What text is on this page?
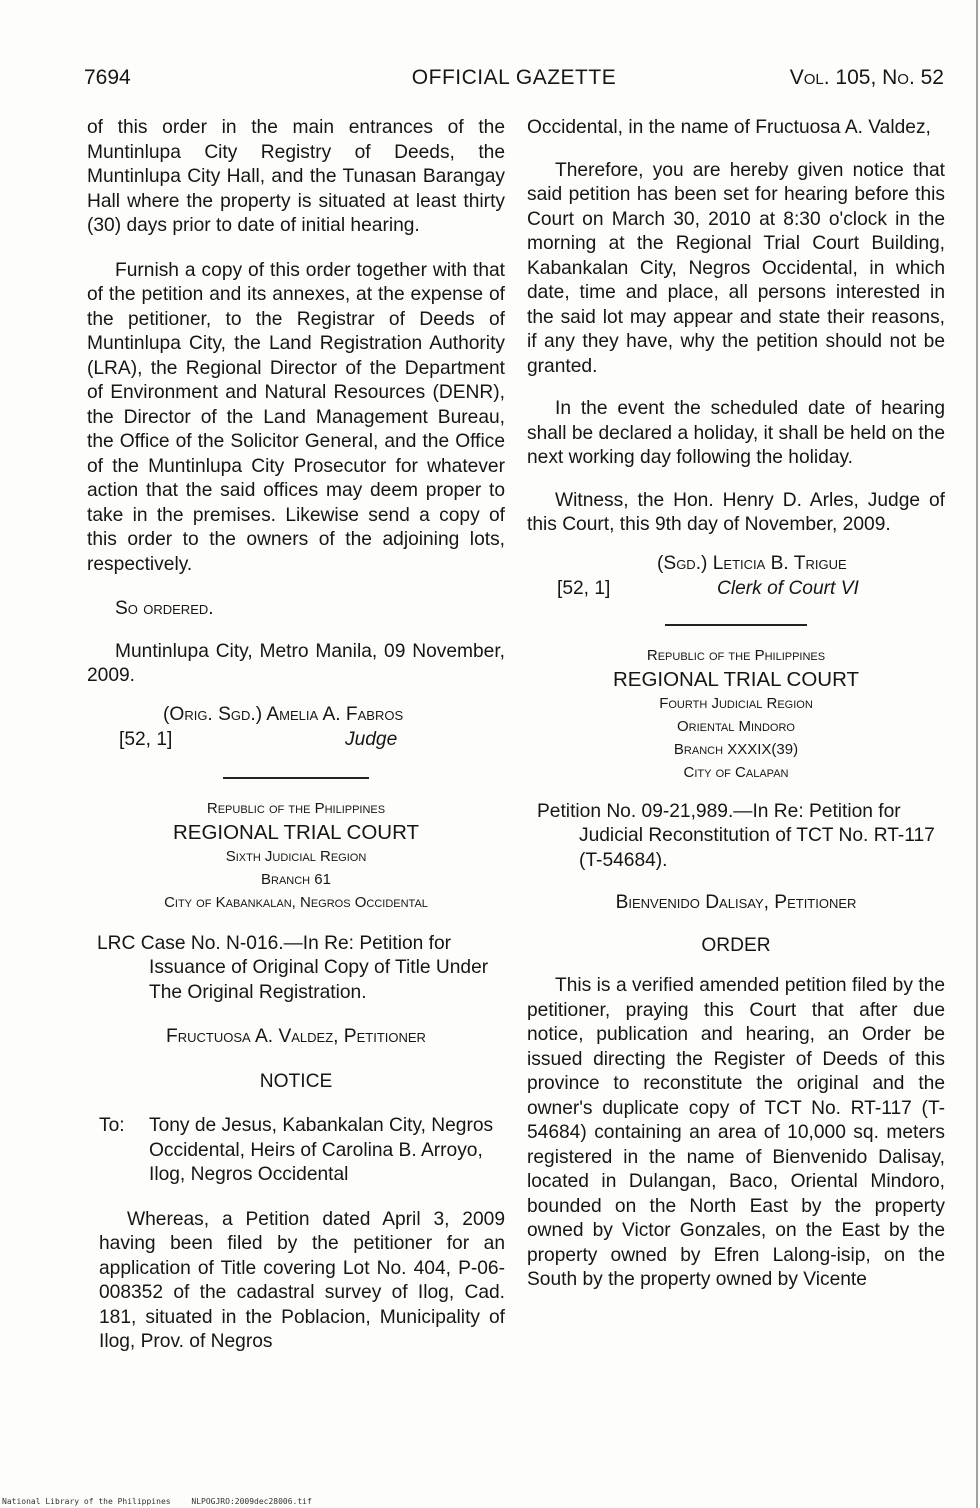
7694	OFFICIAL GAZETTE	Vol. 105, No. 52

of this order in the main entrances of the Muntinlupa City Registry of Deeds, the Muntinlupa City Hall, and the Tunasan Barangay Hall where the property is situated at least thirty (30) days prior to date of initial hearing.

Furnish a copy of this order together with that of the petition and its annexes, at the expense of the petitioner, to the Registrar of Deeds of Muntinlupa City, the Land Registration Authority (LRA), the Regional Director of the Department of Environment and Natural Resources (DENR), the Director of the Land Management Bureau, the Office of the Solicitor General, and the Office of the Muntinlupa City Prosecutor for whatever action that the said offices may deem proper to take in the premises. Likewise send a copy of this order to the owners of the adjoining lots, respectively.

So ordered.

Muntinlupa City, Metro Manila, 09 November, 2009.

(Orig. Sgd.) Amelia A. Fabros
[52, 1]	Judge

Republic of the Philippines

REGIONAL TRIAL COURT

Sixth Judicial Region

Branch 61

City of Kabankalan, Negros Occidental

LRC Case No. N-016.—In Re: Petition for Issuance of Original Copy of Title Under The Original Registration.

Fructuosa A. Valdez, Petitioner

NOTICE

To:	Tony de Jesus, Kabankalan City, Negros Occidental, Heirs of Carolina B. Arroyo, Ilog, Negros Occidental

Whereas, a Petition dated April 3, 2009 having been filed by the petitioner for an application of Title covering Lot No. 404, P-06-008352 of the cadastral survey of Ilog, Cad. 181, situated in the Poblacion, Municipality of Ilog, Prov. of Negros

Occidental, in the name of Fructuosa A. Valdez,

Therefore, you are hereby given notice that said petition has been set for hearing before this Court on March 30, 2010 at 8:30 o'clock in the morning at the Regional Trial Court Building, Kabankalan City, Negros Occidental, in which date, time and place, all persons interested in the said lot may appear and state their reasons, if any they have, why the petition should not be granted.

In the event the scheduled date of hearing shall be declared a holiday, it shall be held on the next working day following the holiday.

Witness, the Hon. Henry D. Arles, Judge of this Court, this 9th day of November, 2009.

(Sgd.) Leticia B. Trigue
[52, 1]	Clerk of Court VI

Republic of the Philippines

REGIONAL TRIAL COURT

Fourth Judicial Region

Oriental Mindoro

Branch XXXIX(39)

City of Calapan

Petition No. 09-21,989.—In Re: Petition for Judicial Reconstitution of TCT No. RT-117 (T-54684).

Bienvenido Dalisay, Petitioner

ORDER

This is a verified amended petition filed by the petitioner, praying this Court that after due notice, publication and hearing, an Order be issued directing the Register of Deeds of this province to reconstitute the original and the owner's duplicate copy of TCT No. RT-117 (T-54684) containing an area of 10,000 sq. meters registered in the name of Bienvenido Dalisay, located in Dulangan, Baco, Oriental Mindoro, bounded on the North East by the property owned by Victor Gonzales, on the East by the property owned by Efren Lalong-isip, on the South by the property owned by Vicente

National Library of the Philippines	NLPOGJRO:2009dec28006.tif
